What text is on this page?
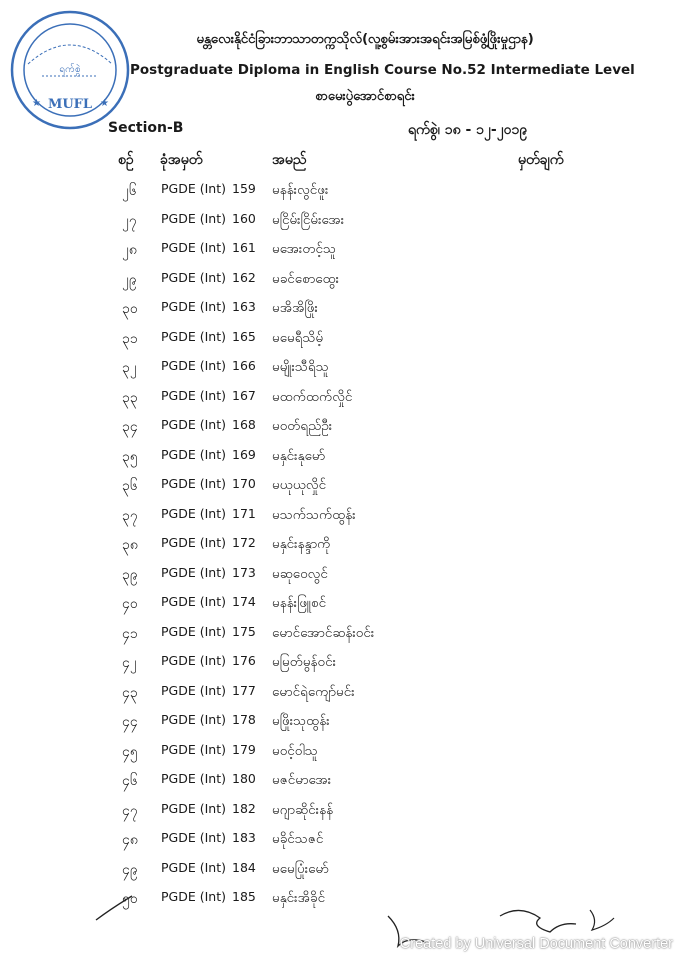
ရက်စွဲ
MUFL
★	★
မန္တလေးနိုင်ငံခြားဘာသာတက္ကသိုလ်(လူ့စွမ်းအားအရင်းအမြစ်ဖွံ့ဖြိုးမှုဌာန)
Postgraduate Diploma in English Course No.52 Intermediate Level
စာမေးပွဲအောင်စာရင်း
Section-B	ရက်စွဲ၊ ၁၈ - ၁၂-၂၀၁၉
စဉ် ခုံအမှတ်	အမည်	မှတ်ချက်
၂၆ PGDE (Int) 159 မနန်းလွင်ဖူး
၂၇ PGDE (Int) 160 မငြိမ်းငြိမ်းအေး
၂၈ PGDE (Int) 161 မအေးတင့်သူ
၂၉ PGDE (Int) 162 မခင်စောထွေး
၃၀ PGDE (Int) 163 မအိအိဖြိုး
၃၁ PGDE (Int) 165 မမေရီသိမ့်
၃၂ PGDE (Int) 166 မမျိုးသီရိသူ
၃၃ PGDE (Int) 167 မထက်ထက်လှိုင်
၃၄ PGDE (Int) 168 မဝတ်ရည်ဦး
၃၅ PGDE (Int) 169 မနှင်းနုမော်
၃၆ PGDE (Int) 170 မယုယုလှိုင်
၃၇ PGDE (Int) 171 မသက်သက်ထွန်း
၃၈ PGDE (Int) 172 မနှင်းနန္ဒာကို
၃၉ PGDE (Int) 173 မဆုဝေလွင်
၄၀ PGDE (Int) 174 မနန်းဖြူစင်
၄၁ PGDE (Int) 175 မောင်အောင်ဆန်းဝင်း
၄၂ PGDE (Int) 176 မမြတ်မွန်ဝင်း
၄၃ PGDE (Int) 177 မောင်ရဲကျော်မင်း
၄၄ PGDE (Int) 178 မဖြိုးသုထွန်း
၄၅ PGDE (Int) 179 မဝင့်ဝါသူ
၄၆ PGDE (Int) 180 မဇင်မာအေး
၄၇ PGDE (Int) 182 မဂျာဆိုင်းနန်
၄၈ PGDE (Int) 183 မခိုင်သဇင်
၄၉ PGDE (Int) 184 မမေပြုံးမော်
၅၀ PGDE (Int) 185 မနှင်းအိခိုင်
Created by Universal Document Converter
